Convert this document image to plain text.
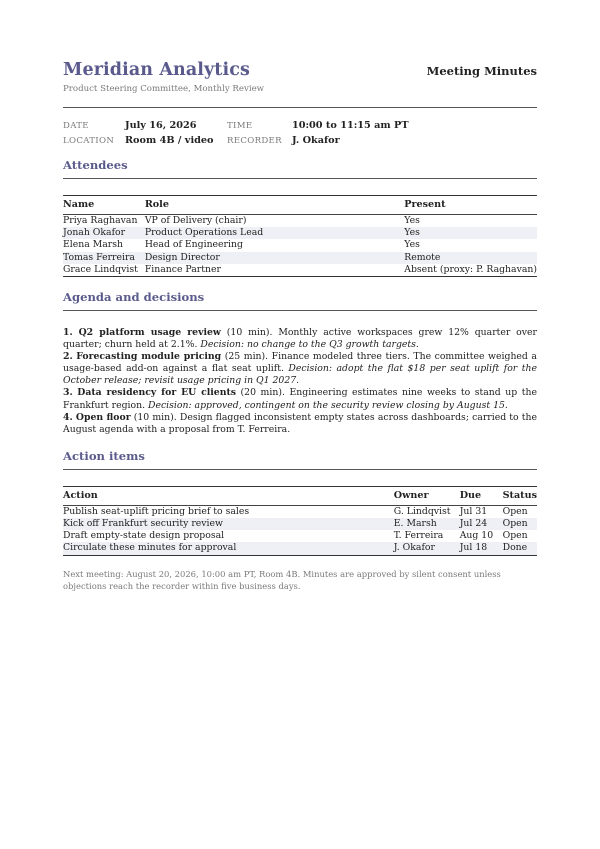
Meridian Analytics
Product Steering Committee, Monthly Review
Meeting Minutes
DATE	July 16, 2026	TIME	10:00 to 11:15 am PT
LOCATION Room 4B / video RECORDER J. Okafor
Attendees
Name	Role	Present
Priya Raghavan	VP of Delivery (chair)	Yes
Jonah Okafor	Product Operations Lead	Yes
Elena Marsh	Head of Engineering	Yes
Tomas Ferreira	Design Director	Remote
Grace Lindqvist	Finance Partner	Absent (proxy: P. Raghavan)
Agenda and decisions

1. Q2 platform usage review (10 min). Monthly active workspaces grew 12% quarter over quarter; churn held at 2.1%. Decision: no change to the Q3 growth targets.

2. Forecasting module pricing (25 min). Finance modeled three tiers. The committee weighed a usage-based add-on against a flat seat uplift. Decision: adopt the flat $18 per seat uplift for the October release; revisit usage pricing in Q1 2027.

3. Data residency for EU clients (20 min). Engineering estimates nine weeks to stand up the Frankfurt region. Decision: approved, contingent on the security review closing by August 15.

4. Open floor (10 min). Design flagged inconsistent empty states across dashboards; carried to the August agenda with a proposal from T. Ferreira.

Action items
Action	Owner	Due	Status
Publish seat-uplift pricing brief to sales	G. Lindqvist	Jul 31	Open
Kick off Frankfurt security review	E. Marsh	Jul 24	Open
Draft empty-state design proposal	T. Ferreira	Aug 10	Open
Circulate these minutes for approval	J. Okafor	Jul 18	Done
Next meeting: August 20, 2026, 10:00 am PT, Room 4B. Minutes are approved by silent consent unless objections reach the recorder within five business days.
